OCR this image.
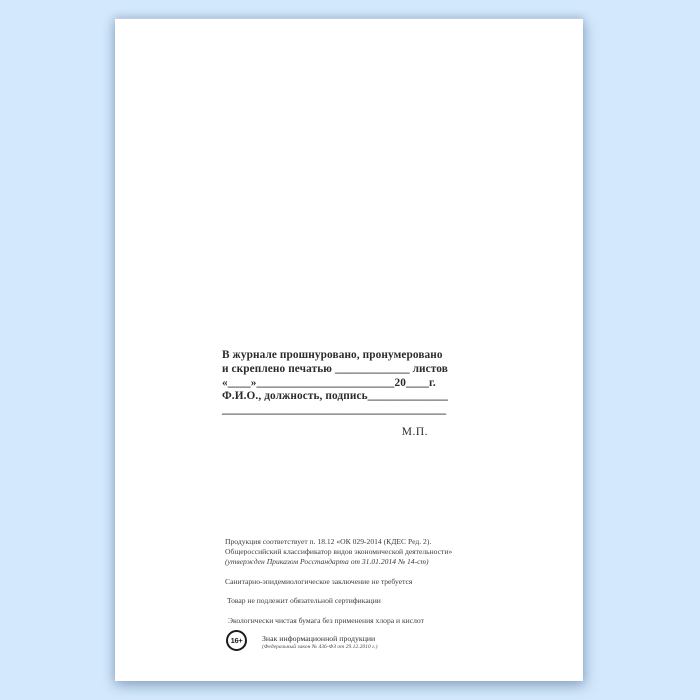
В журнале прошнуровано, пронумеровано
и скреплено печатью _____________ листов
«____»________________________20____г.
Ф.И.О., должность, подпись______________
_______________________________________
М.П.
Продукция соответствует п. 18.12 «ОК 029-2014 (КДЕС Ред. 2).
Общероссийский классификатор видов экономической деятельности»
(утвержден Приказом Росстандарта от 31.01.2014 № 14-ст)
Санитарно-эпидемиологическое заключение не требуется
Товар не подлежит обязательной сертификации
Экологически чистая бумага без применения хлора и кислот
16+	Знак информационной продукции
(Федеральный закон № 436-ФЗ от 29.12.2010 г.)
